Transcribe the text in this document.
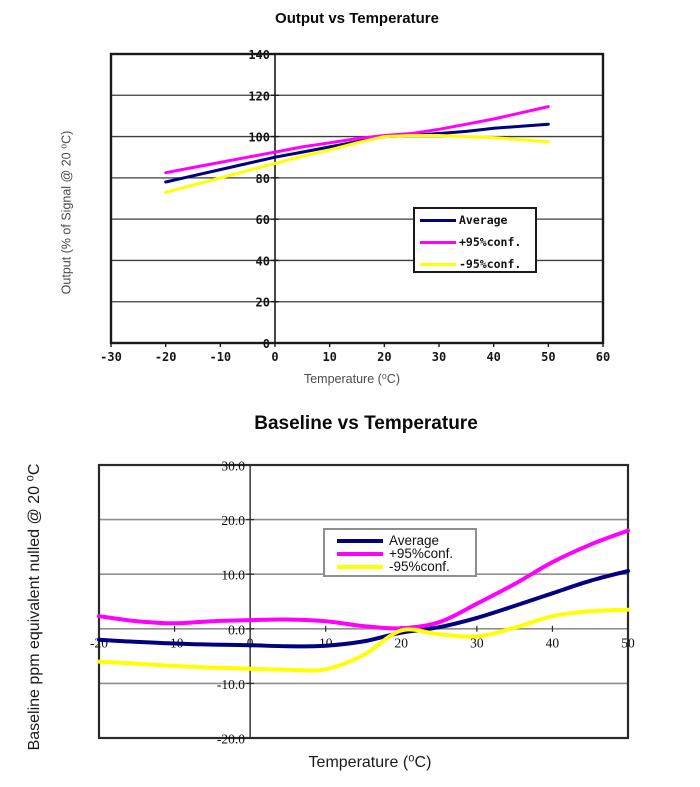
0
20
40
60
80
100
120
140
-30	-20	-10	0	10	20	30	40	50	60
-20.0
-10.0
0.0
10.0
20.0
30.0
-20	-10	0	10	20	30	40	50
Output vs Temperature
Output (% of Signal @ 20 ⁰C)
Temperature (⁰C)
Average
+95%conf.
-95%conf.
Baseline vs Temperature
Baseline ppm equivalent nulled @ 20 ⁰C
Temperature (⁰C)
Average
+95%conf.
-95%conf.
